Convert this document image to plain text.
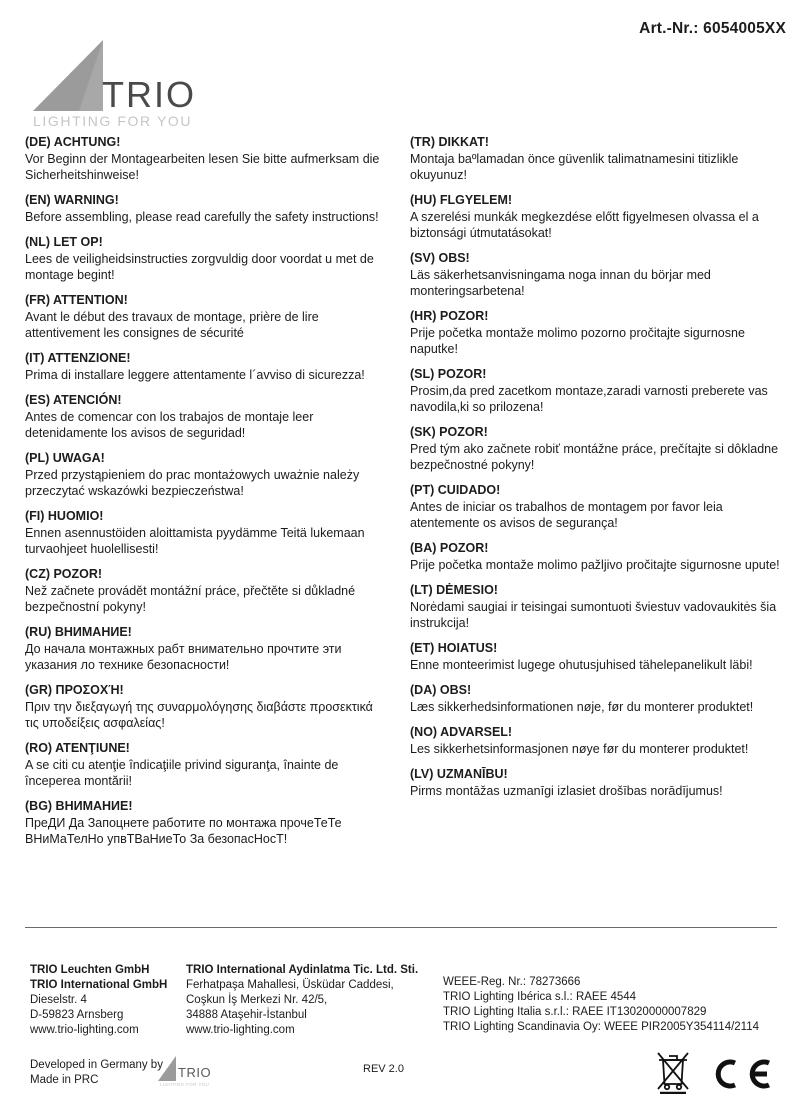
Art.-Nr.: 6054005XX
TRIO
LIGHTING FOR YOU
(DE) ACHTUNG!
Vor Beginn der Montagearbeiten lesen Sie bitte aufmerksam die Sicherheitshinweise!
(EN) WARNING!
Before assembling, please read carefully the safety instructions!
(NL) LET OP!
Lees de veiligheidsinstructies zorgvuldig door voordat u met de montage begint!
(FR) ATTENTION!
Avant le début des travaux de montage, prière de lire attentivement les consignes de sécurité
(IT) ATTENZIONE!
Prima di installare leggere attentamente l´avviso di sicurezza!
(ES) ATENCIÓN!
Antes de comencar con los trabajos de montaje leer detenidamente los avisos de seguridad!
(PL) UWAGA!
Przed przystąpieniem do prac montażowych uważnie należy przeczytać wskazówki bezpieczeństwa!
(FI) HUOMIO!
Ennen asennustöiden aloittamista pyydämme Teitä lukemaan turvaohjeet huolellisesti!
(CZ) POZOR!
Než začnete provádět montážní práce, přečtěte si důkladné bezpečnostní pokyny!
(RU) ВНИМАНИЕ!
До начала монтажных рабт внимательно прочтите эти указания ло технике безопасности!
(GR) ΠΡΟΣΟΧΉ!
Πριν την διεξαγωγή της συναρμολόγησης διαβάστε προσεκτικά τις υποδείξεις ασφαλείας!
(RO) ATENŢIUNE!
A se citi cu atenţie îndicaţiile privind siguranţa, înainte de începerea montării!
(BG) ВНИМАНИЕ!
ПреДИ Да Запоцнете работите по монтажа прочеТеТе ВНиМаТелНо упвТВаНиеТо За безопасНосТ!
(TR) DIKKAT!
Montaja baºlamadan önce güvenlik talimatnamesini titizlikle okuyunuz!
(HU) FLGYELEM!
A szerelési munkák megkezdése előtt figyelmesen olvassa el a biztonsági útmutatásokat!
(SV) OBS!
Läs säkerhetsanvisningama noga innan du börjar med monteringsarbetena!
(HR) POZOR!
Prije početka montaže molimo pozorno pročitajte sigurnosne naputke!
(SL) POZOR!
Prosim,da pred zacetkom montaze,zaradi varnosti preberete vas navodila,ki so prilozena!
(SK) POZOR!
Pred tým ako začnete robiť montážne práce, prečítajte si dôkladne bezpečnostné pokyny!
(PT) CUIDADO!
Antes de iniciar os trabalhos de montagem por favor leia atentemente os avisos de segurança!
(BA) POZOR!
Prije početka montaže molimo pažljivo pročitajte sigurnosne upute!
(LT) DĖMESIO!
Norėdami saugiai ir teisingai sumontuoti šviestuv vadovaukitės šia instrukcija!
(ET) HOIATUS!
Enne monteerimist lugege ohutusjuhised tähelepanelikult läbi!
(DA) OBS!
Læs sikkerhedsinformationen nøje, før du monterer produktet!
(NO) ADVARSEL!
Les sikkerhetsinformasjonen nøye før du monterer produktet!
(LV) UZMANĪBU!
Pirms montāžas uzmanīgi izlasiet drošības norādījumus!
TRIO Leuchten GmbH
TRIO International GmbH
Dieselstr. 4
D-59823 Arnsberg
www.trio-lighting.com
TRIO International Aydinlatma Tic. Ltd. Sti.
Ferhatpaşa Mahallesi, Üsküdar Caddesi,
Coşkun İş Merkezi Nr. 42/5,
34888 Ataşehir-İstanbul
www.trio-lighting.com
WEEE-Reg. Nr.: 78273666
TRIO Lighting Ibérica s.l.: RAEE 4544
TRIO Lighting Italia s.r.l.: RAEE IT13020000007829
TRIO Lighting Scandinavia Oy: WEEE PIR2005Y354114/2114
Developed in Germany by
Made in PRC	TRIO
LIGHTING FOR YOU
REV 2.0
